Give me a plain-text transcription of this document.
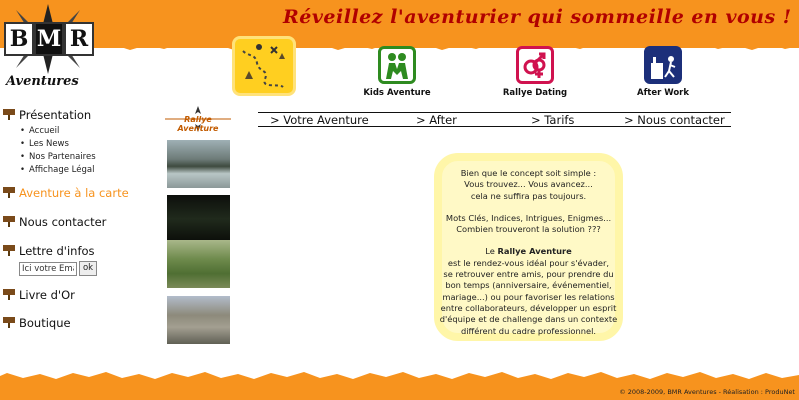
B M R
Aventures
Réveillez l'aventurier qui sommeille en vous !
Kids Aventure	Rallye Dating	After Work
Présentation
• Accueil
• Les News
• Nos Partenaires
• Affichage Légal
Aventure à la carte
Nous contacter
Lettre d'infos
Ici votre Email
ok
Livre d'Or
Boutique
Rallye Aventure
> Votre Aventure	> After	> Tarifs	> Nous contacter

Bien que le concept soit simple :
Vous trouvez... Vous avancez...
cela ne suffira pas toujours.

Mots Clés, Indices, Intrigues, Enigmes...
Combien trouveront la solution ???

Le Rallye Aventure
est le rendez-vous idéal pour s'évader,
se retrouver entre amis, pour prendre du
bon temps (anniversaire, événementiel,
mariage...) ou pour favoriser les relations
entre collaborateurs, développer un esprit
d'équipe et de challenge dans un contexte
différent du cadre professionnel.

© 2008-2009, BMR Aventures - Réalisation : ProduNet
